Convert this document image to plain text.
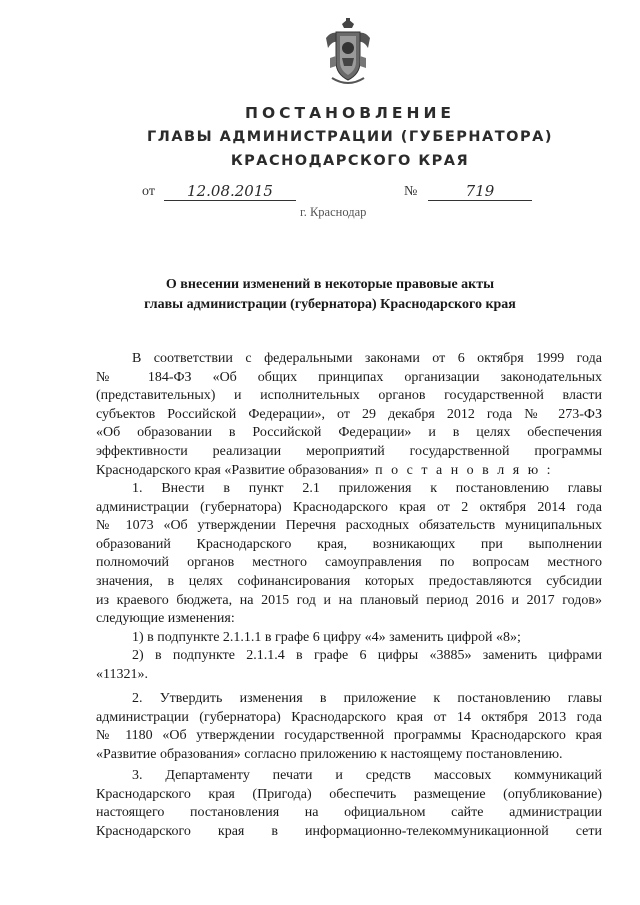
ПОСТАНОВЛЕНИЕ
ГЛАВЫ АДМИНИСТРАЦИИ (ГУБЕРНАТОРА)
КРАСНОДАРСКОГО КРАЯ
от	12.08.2015	№	719
г. Краснодар
О внесении изменений в некоторые правовые акты
главы администрации (губернатора) Краснодарского края
В соответствии с федеральными законами от 6 октября 1999 года
№ 184-ФЗ «Об общих принципах организации законодательных
(представительных) и исполнительных органов государственной власти
субъектов Российской Федерации», от 29 декабря 2012 года № 273-ФЗ
«Об образовании в Российской Федерации» и в целях обеспечения
эффективности реализации мероприятий государственной программы
Краснодарского края «Развитие образования» п о с т а н о в л я ю :
1. Внести в пункт 2.1 приложения к постановлению главы
администрации (губернатора) Краснодарского края от 2 октября 2014 года
№ 1073 «Об утверждении Перечня расходных обязательств муниципальных
образований Краснодарского края, возникающих при выполнении
полномочий органов местного самоуправления по вопросам местного
значения, в целях софинансирования которых предоставляются субсидии
из краевого бюджета, на 2015 год и на плановый период 2016 и 2017 годов»
следующие изменения:
1) в подпункте 2.1.1.1 в графе 6 цифру «4» заменить цифрой «8»;
2) в подпункте 2.1.1.4 в графе 6 цифры «3885» заменить цифрами
«11321».
2. Утвердить изменения в приложение к постановлению главы
администрации (губернатора) Краснодарского края от 14 октября 2013 года
№ 1180 «Об утверждении государственной программы Краснодарского края
«Развитие образования» согласно приложению к настоящему постановлению.
3. Департаменту печати и средств массовых коммуникаций
Краснодарского края (Пригода) обеспечить размещение (опубликование)
настоящего постановления на официальном сайте администрации
Краснодарского края в информационно-телекоммуникационной сети
